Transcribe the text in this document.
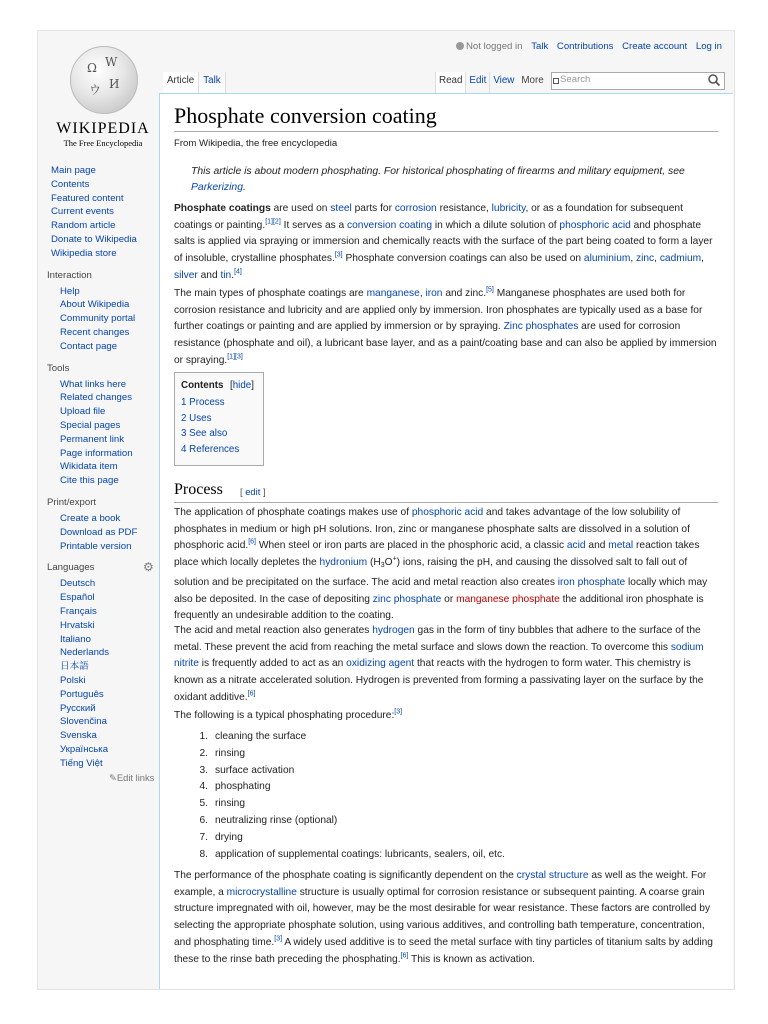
Ω W
И
ウ
WIKIPEDIA
The Free Encyclopedia
Not logged in Talk Contributions Create account Log in
Article Talk	Read Edit View More
Search
Main page
Contents
Featured content
Current events
Random article
Donate to Wikipedia
Wikipedia store
Interaction
Help
About Wikipedia
Community portal
Recent changes
Contact page
Tools
What links here
Related changes
Upload file
Special pages
Permanent link
Page information
Wikidata item
Cite this page
Print/export
Create a book
Download as PDF
Printable version
Languages	⚙
Deutsch
Español
Français
Hrvatski
Italiano
Nederlands
日本語
Polski
Português
Русский
Slovenčina
Svenska
Українська
Tiếng Việt
✎Edit links
Phosphate conversion coating
From Wikipedia, the free encyclopedia
This article is about modern phosphating. For historical phosphating of firearms and military equipment, see Parkerizing.
Phosphate coatings are used on steel parts for corrosion resistance, lubricity, or as a foundation for subsequent coatings or painting.[1][2] It serves as a conversion coating in which a dilute solution of phosphoric acid and phosphate salts is applied via spraying or immersion and chemically reacts with the surface of the part being coated to form a layer of insoluble, crystalline phosphates.[3] Phosphate conversion coatings can also be used on aluminium, zinc, cadmium, silver and tin.[4]
The main types of phosphate coatings are manganese, iron and zinc.[5] Manganese phosphates are used both for corrosion resistance and lubricity and are applied only by immersion. Iron phosphates are typically used as a base for further coatings or painting and are applied by immersion or by spraying. Zinc phosphates are used for corrosion resistance (phosphate and oil), a lubricant base layer, and as a paint/coating base and can also be applied by immersion or spraying.[1][3]
Contents [hide]
1 Process
2 Uses
3 See also
4 References
Process [ edit ]
The application of phosphate coatings makes use of phosphoric acid and takes advantage of the low solubility of phosphates in medium or high pH solutions. Iron, zinc or manganese phosphate salts are dissolved in a solution of phosphoric acid.[6] When steel or iron parts are placed in the phosphoric acid, a classic acid and metal reaction takes place which locally depletes the hydronium $(H_3O^+)$ ions, raising the pH, and causing the dissolved salt to fall out of solution and be precipitated on the surface. The acid and metal reaction also creates iron phosphate locally which may also be deposited. In the case of depositing zinc phosphate or manganese phosphate the additional iron phosphate is frequently an undesirable addition to the coating.
The acid and metal reaction also generates hydrogen gas in the form of tiny bubbles that adhere to the surface of the metal. These prevent the acid from reaching the metal surface and slows down the reaction. To overcome this sodium nitrite is frequently added to act as an oxidizing agent that reacts with the hydrogen to form water. This chemistry is known as a nitrate accelerated solution. Hydrogen is prevented from forming a passivating layer on the surface by the oxidant additive.[6]
The following is a typical phosphating procedure:[3]
1. cleaning the surface
2. rinsing
3. surface activation
4. phosphating
5. rinsing
6. neutralizing rinse (optional)
7. drying
8. application of supplemental coatings: lubricants, sealers, oil, etc.
The performance of the phosphate coating is significantly dependent on the crystal structure as well as the weight. For example, a microcrystalline structure is usually optimal for corrosion resistance or subsequent painting. A coarse grain structure impregnated with oil, however, may be the most desirable for wear resistance. These factors are controlled by selecting the appropriate phosphate solution, using various additives, and controlling bath temperature, concentration, and phosphating time.[3] A widely used additive is to seed the metal surface with tiny particles of titanium salts by adding these to the rinse bath preceding the phosphating.[6] This is known as activation.
